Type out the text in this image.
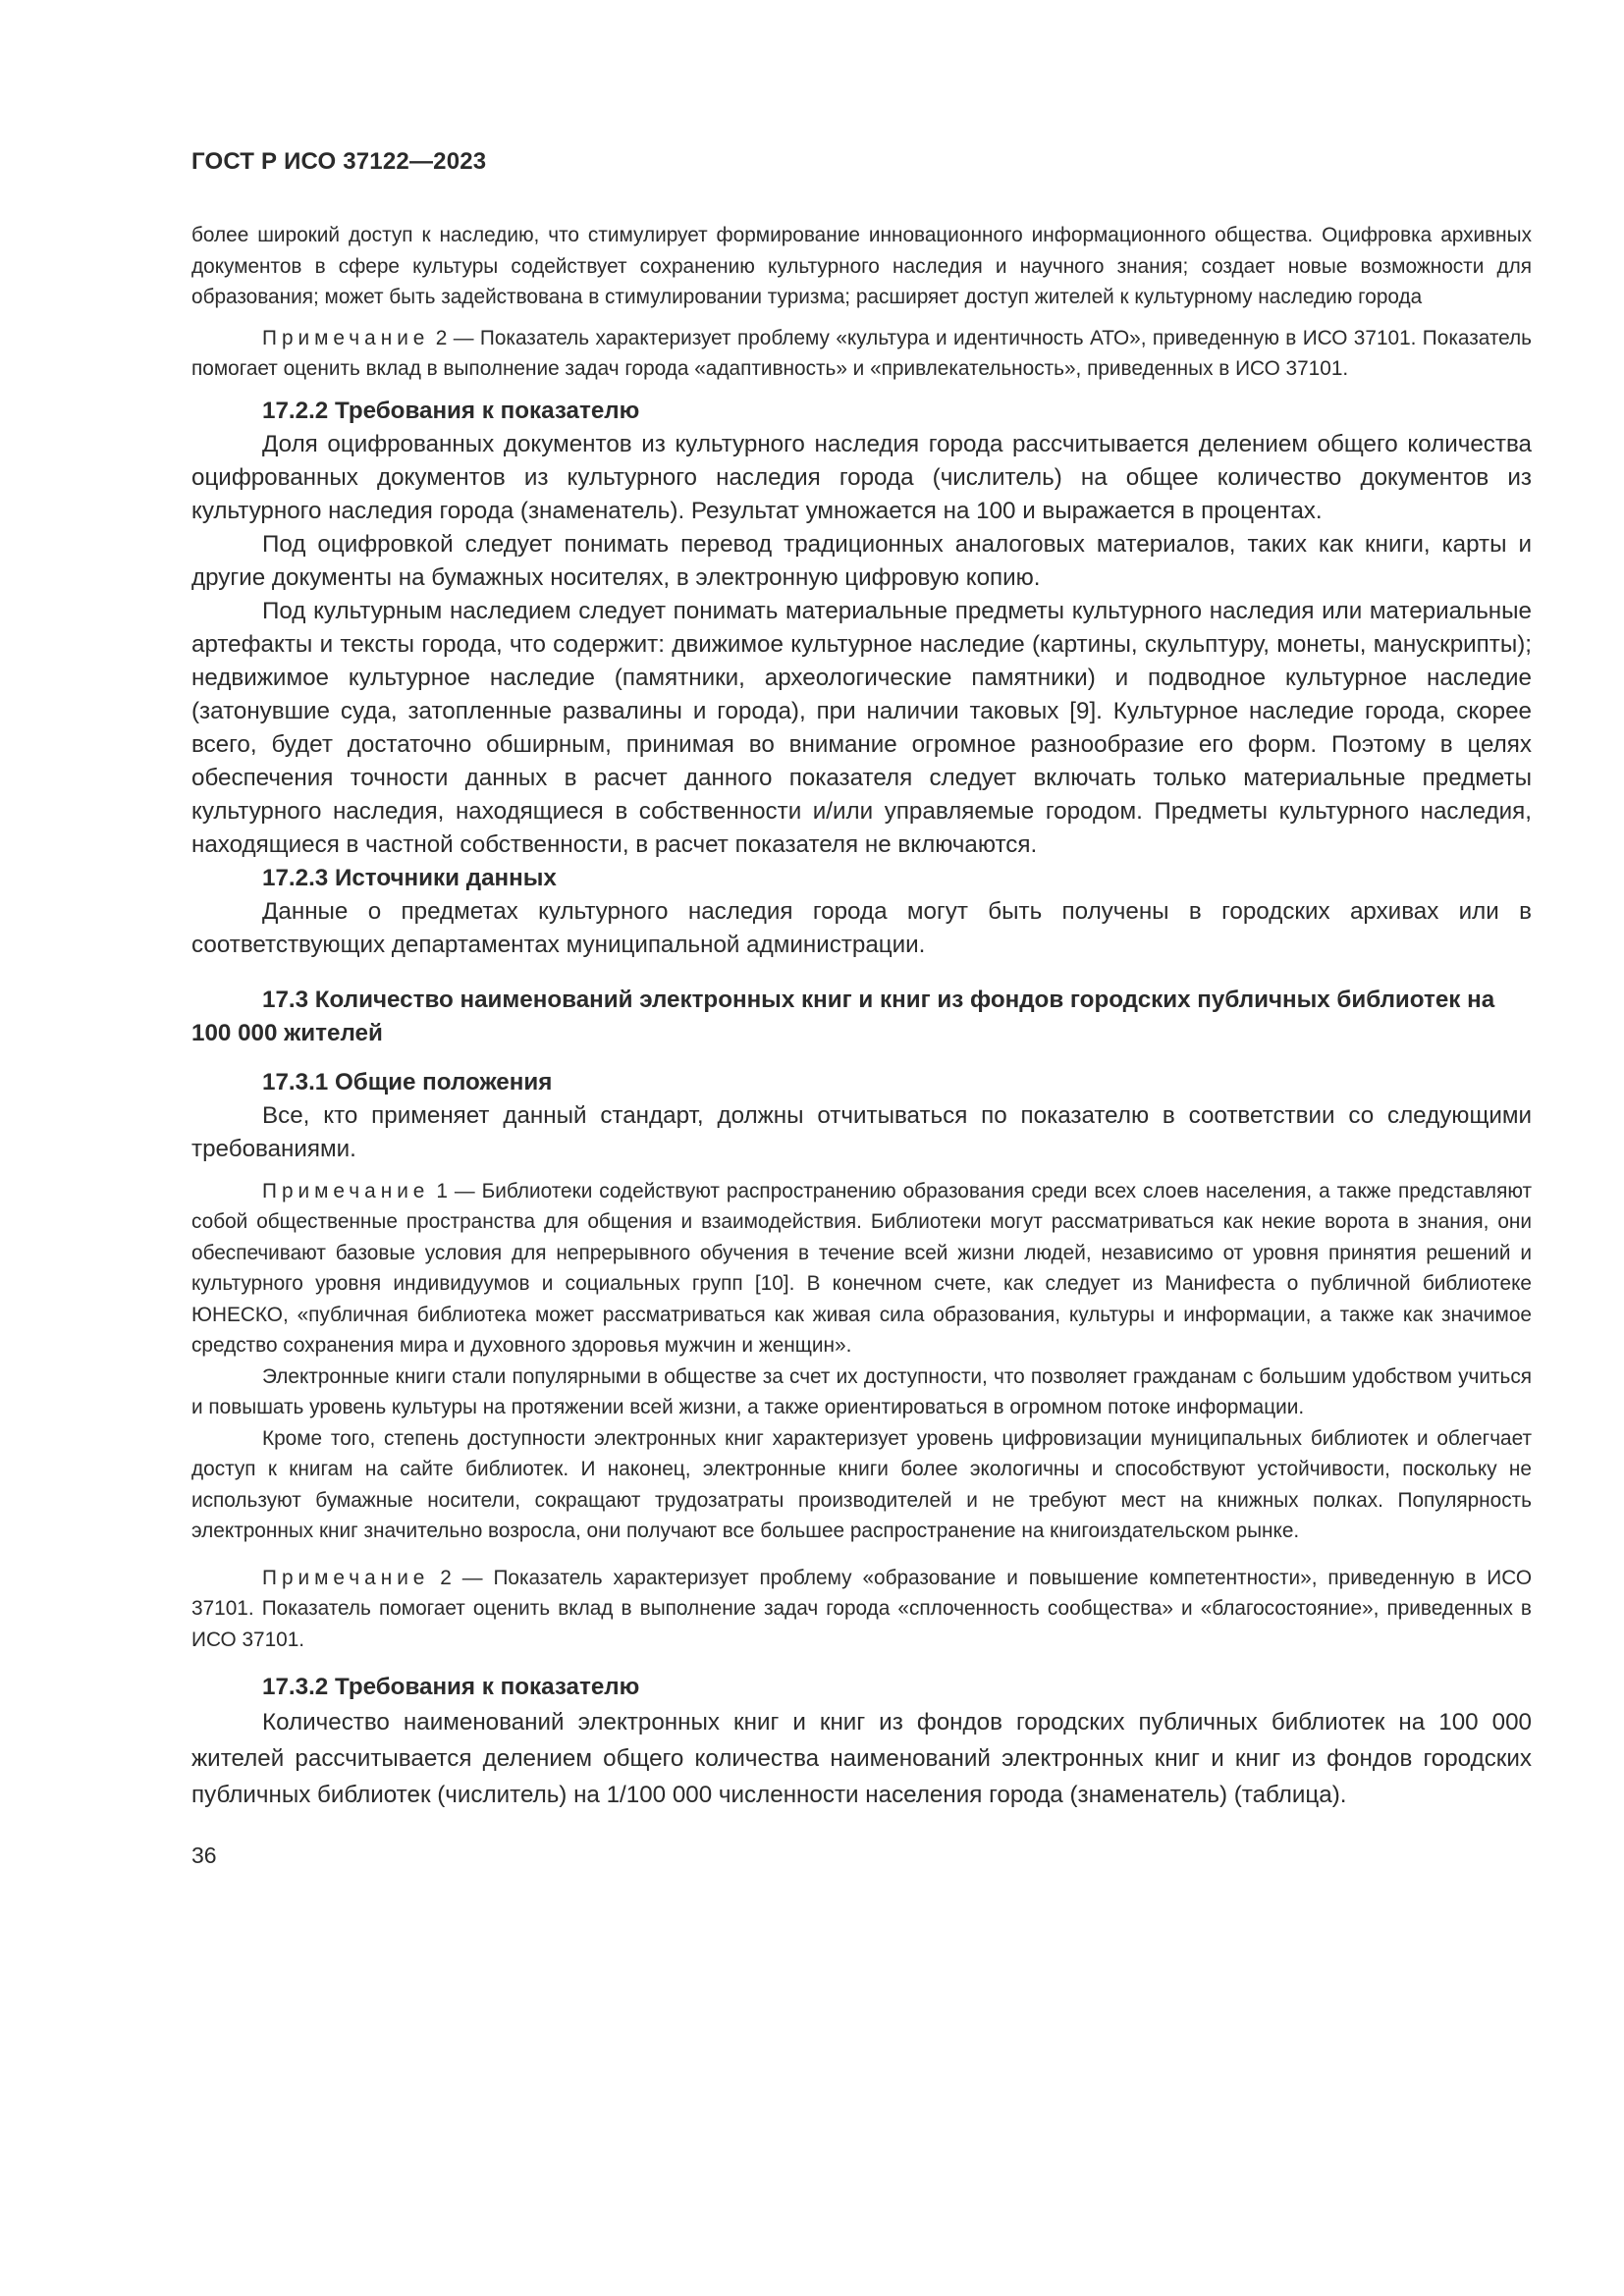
ГОСТ Р ИСО 37122—2023

более широкий доступ к наследию, что стимулирует формирование инновационного информационного общества. Оцифровка архивных документов в сфере культуры содействует сохранению культурного наследия и научного знания; создает новые возможности для образования; может быть задействована в стимулировании туризма; расширяет доступ жителей к культурному наследию города

Примечание 2 — Показатель характеризует проблему «культура и идентичность АТО», приведенную в ИСО 37101. Показатель помогает оценить вклад в выполнение задач города «адаптивность» и «привлекательность», приведенных в ИСО 37101.

17.2.2 Требования к показателю

Доля оцифрованных документов из культурного наследия города рассчитывается делением общего количества оцифрованных документов из культурного наследия города (числитель) на общее количество документов из культурного наследия города (знаменатель). Результат умножается на 100 и выражается в процентах.

Под оцифровкой следует понимать перевод традиционных аналоговых материалов, таких как книги, карты и другие документы на бумажных носителях, в электронную цифровую копию.

Под культурным наследием следует понимать материальные предметы культурного наследия или материальные артефакты и тексты города, что содержит: движимое культурное наследие (картины, скульптуру, монеты, манускрипты); недвижимое культурное наследие (памятники, археологические памятники) и подводное культурное наследие (затонувшие суда, затопленные развалины и города), при наличии таковых [9]. Культурное наследие города, скорее всего, будет достаточно обширным, принимая во внимание огромное разнообразие его форм. Поэтому в целях обеспечения точности данных в расчет данного показателя следует включать только материальные предметы культурного наследия, находящиеся в собственности и/или управляемые городом. Предметы культурного наследия, находящиеся в частной собственности, в расчет показателя не включаются.

17.2.3 Источники данных

Данные о предметах культурного наследия города могут быть получены в городских архивах или в соответствующих департаментах муниципальной администрации.

17.3 Количество наименований электронных книг и книг из фондов городских публичных библиотек на 100 000 жителей
17.3.1 Общие положения

Все, кто применяет данный стандарт, должны отчитываться по показателю в соответствии со следующими требованиями.

Примечание 1 — Библиотеки содействуют распространению образования среди всех слоев населения, а также представляют собой общественные пространства для общения и взаимодействия. Библиотеки могут рассматриваться как некие ворота в знания, они обеспечивают базовые условия для непрерывного обучения в течение всей жизни людей, независимо от уровня принятия решений и культурного уровня индивидуумов и социальных групп [10]. В конечном счете, как следует из Манифеста о публичной библиотеке ЮНЕСКО, «публичная библиотека может рассматриваться как живая сила образования, культуры и информации, а также как значимое средство сохранения мира и духовного здоровья мужчин и женщин».

Электронные книги стали популярными в обществе за счет их доступности, что позволяет гражданам с большим удобством учиться и повышать уровень культуры на протяжении всей жизни, а также ориентироваться в огромном потоке информации.

Кроме того, степень доступности электронных книг характеризует уровень цифровизации муниципальных библиотек и облегчает доступ к книгам на сайте библиотек. И наконец, электронные книги более экологичны и способствуют устойчивости, поскольку не используют бумажные носители, сокращают трудозатраты производителей и не требуют мест на книжных полках. Популярность электронных книг значительно возросла, они получают все большее распространение на книгоиздательском рынке.

Примечание 2 — Показатель характеризует проблему «образование и повышение компетентности», приведенную в ИСО 37101. Показатель помогает оценить вклад в выполнение задач города «сплоченность сообщества» и «благосостояние», приведенных в ИСО 37101.

17.3.2 Требования к показателю

Количество наименований электронных книг и книг из фондов городских публичных библиотек на 100 000 жителей рассчитывается делением общего количества наименований электронных книг и книг из фондов городских публичных библиотек (числитель) на 1/100 000 численности населения города (знаменатель) (таблица).

36
